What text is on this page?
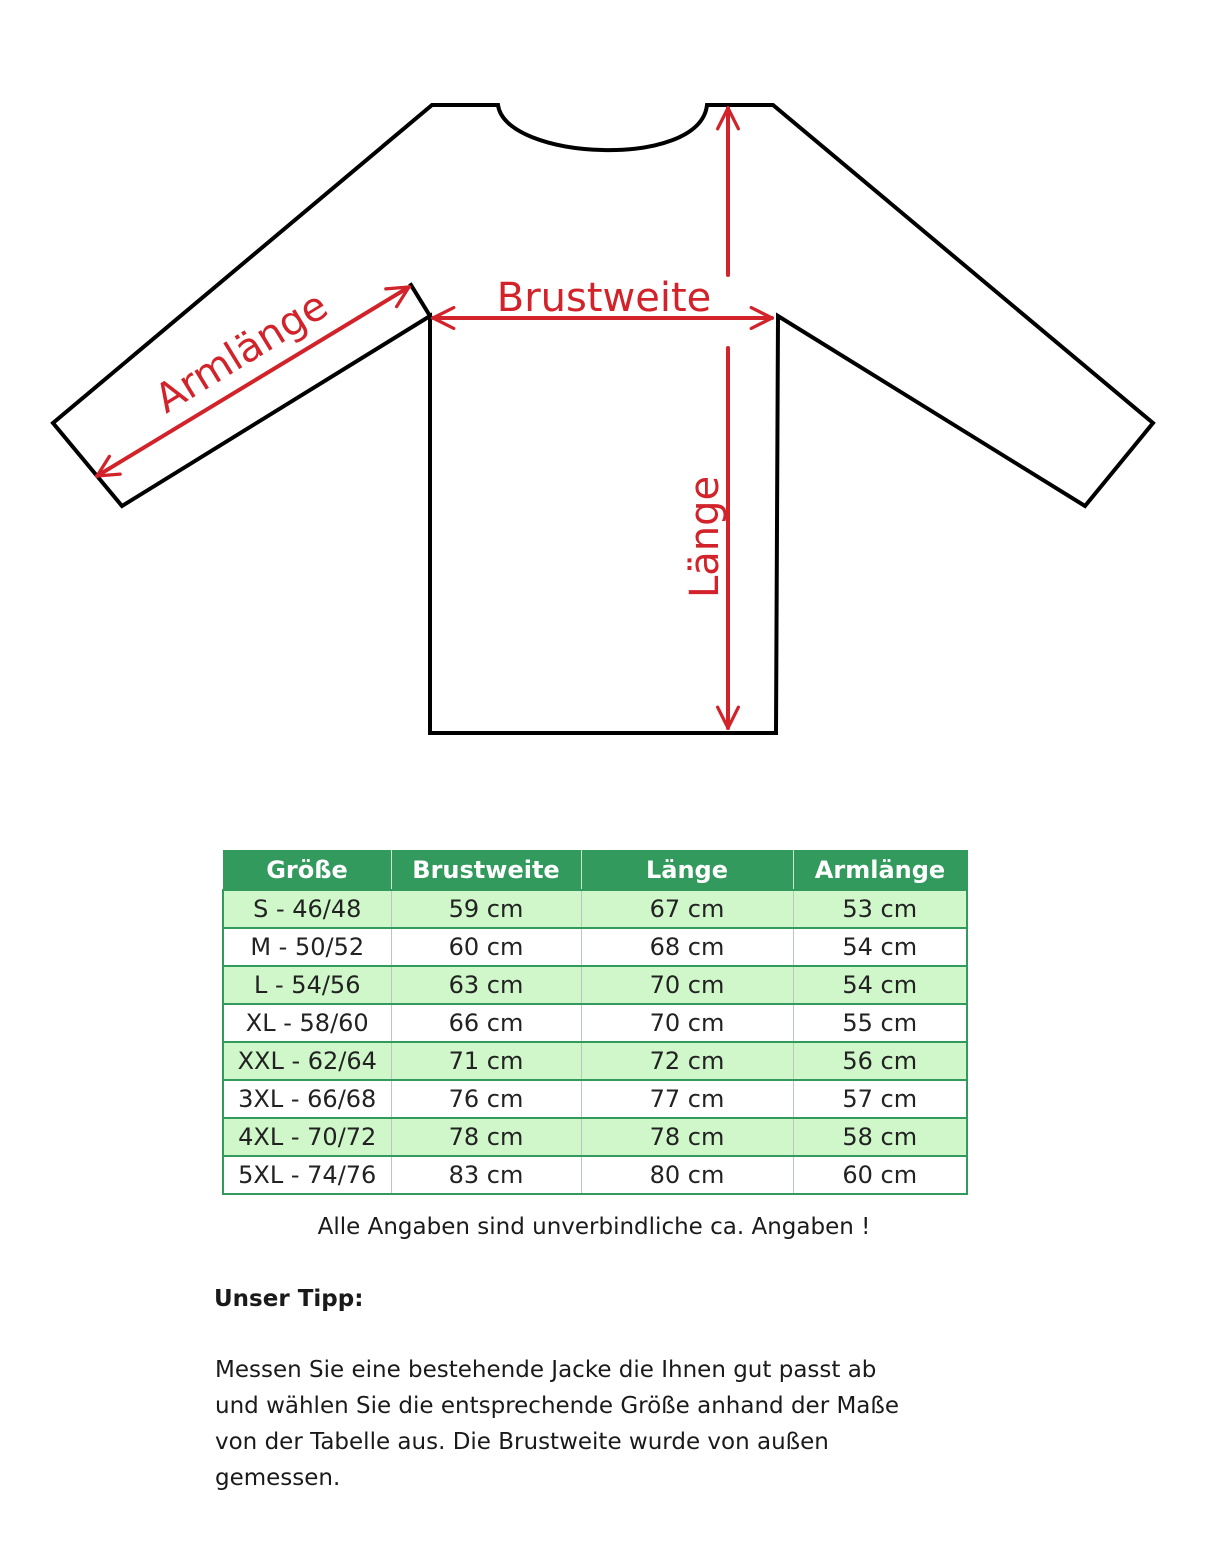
Armlänge	Brustweite
Länge
Größe	Brustweite	Länge	Armlänge
S - 46/48	59 cm	67 cm	53 cm
M - 50/52	60 cm	68 cm	54 cm
L - 54/56	63 cm	70 cm	54 cm
XL - 58/60	66 cm	70 cm	55 cm
XXL - 62/64	71 cm	72 cm	56 cm
3XL - 66/68	76 cm	77 cm	57 cm
4XL - 70/72	78 cm	78 cm	58 cm
5XL - 74/76	83 cm	80 cm	60 cm
Alle Angaben sind unverbindliche ca. Angaben !
Unser Tipp:
Messen Sie eine bestehende Jacke die Ihnen gut passt ab
und wählen Sie die entsprechende Größe anhand der Maße
von der Tabelle aus. Die Brustweite wurde von außen
gemessen.
